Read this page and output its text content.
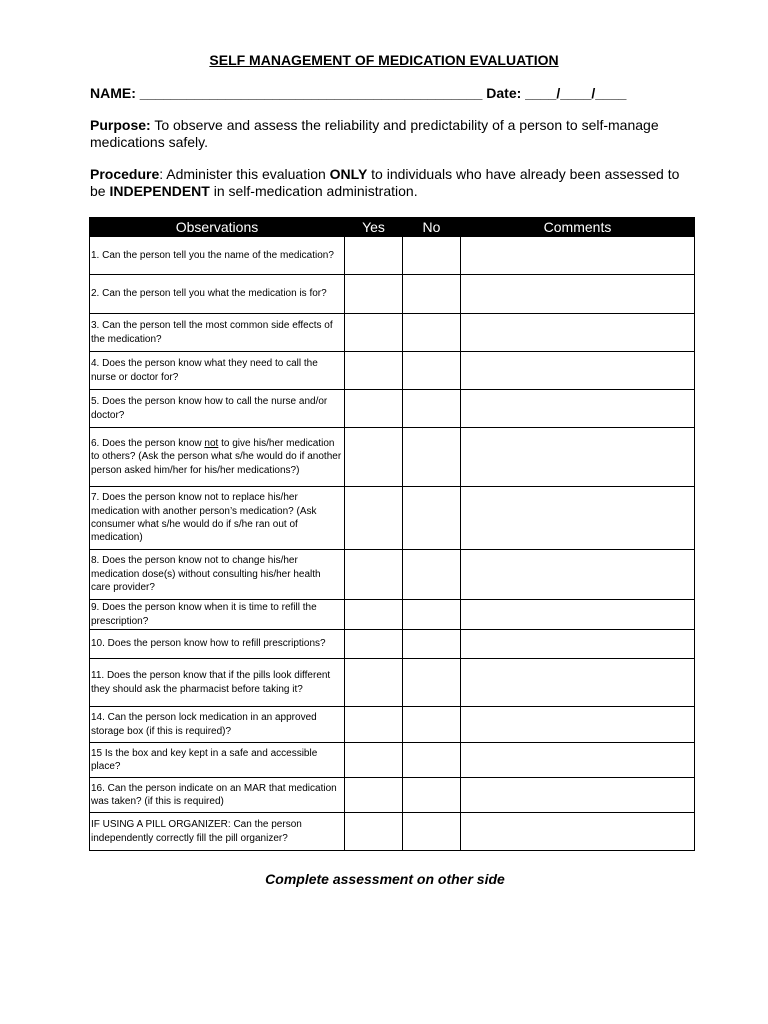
SELF MANAGEMENT OF MEDICATION EVALUATION
NAME: ____________________________________________ Date: ____/____/____
Purpose: To observe and assess the reliability and predictability of a person to self-manage medications safely.
Procedure: Administer this evaluation ONLY to individuals who have already been assessed to be INDEPENDENT in self-medication administration.
Observations	Yes	No	Comments
1. Can the person tell you the name of the medication?			
2. Can the person tell you what the medication is for?			
3. Can the person tell the most common side effects of the medication?			
4. Does the person know what they need to call the nurse or doctor for?			
5. Does the person know how to call the nurse and/or doctor?			
6. Does the person know not to give his/her medication to others? (Ask the person what s/he would do if another person asked him/her for his/her medications?)			
7. Does the person know not to replace his/her medication with another person’s medication? (Ask consumer what s/he would do if s/he ran out of medication)			
8. Does the person know not to change his/her medication dose(s) without consulting his/her health care provider?			
9. Does the person know when it is time to refill the prescription?			
10. Does the person know how to refill prescriptions?			
11. Does the person know that if the pills look different they should ask the pharmacist before taking it?			
14. Can the person lock medication in an approved storage box (if this is required)?			
15 Is the box and key kept in a safe and accessible place?			
16. Can the person indicate on an MAR that medication was taken? (if this is required)			
IF USING A PILL ORGANIZER: Can the person independently correctly fill the pill organizer?			
Complete assessment on other side
